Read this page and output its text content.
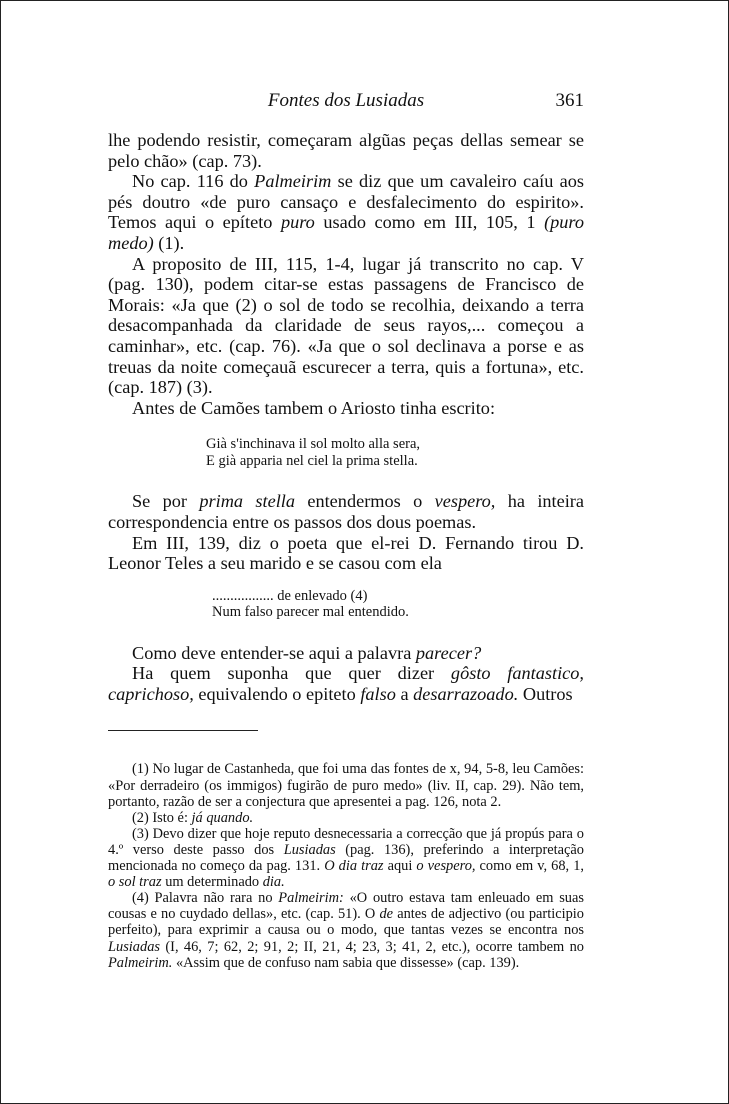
Fontes dos Lusiadas	361

lhe podendo resistir, começaram algũas peças dellas semear se pelo chão» (cap. 73).

No cap. 116 do Palmeirim se diz que um cavaleiro caíu aos pés doutro «de puro cansaço e desfalecimento do espirito». Temos aqui o epíteto puro usado como em III, 105, 1 (puro medo) (1).

A proposito de III, 115, 1-4, lugar já transcrito no cap. V (pag. 130), podem citar-se estas passagens de Francisco de Morais: «Ja que (2) o sol de todo se recolhia, deixando a terra desacompanhada da claridade de seus rayos,... começou a caminhar», etc. (cap. 76). «Ja que o sol declinava a porse e as treuas da noite começauã escurecer a terra, quis a fortuna», etc. (cap. 187) (3).

Antes de Camões tambem o Ariosto tinha escrito:

Già s'inchinava il sol molto alla sera,
E già apparia nel ciel la prima stella.

Se por prima stella entendermos o vespero, ha inteira correspondencia entre os passos dos dous poemas.

Em III, 139, diz o poeta que el-rei D. Fernando tirou D. Leonor Teles a seu marido e se casou com ela

................. de enlevado (4)
Num falso parecer mal entendido.

Como deve entender-se aqui a palavra parecer?

Ha quem suponha que quer dizer gôsto fantastico, caprichoso, equivalendo o epiteto falso a desarrazoado. Outros

(1) No lugar de Castanheda, que foi uma das fontes de x, 94, 5-8, leu Camões: «Por derradeiro (os immigos) fugirão de puro medo» (liv. II, cap. 29). Não tem, portanto, razão de ser a conjectura que apresentei a pag. 126, nota 2.

(2) Isto é: já quando.

(3) Devo dizer que hoje reputo desnecessaria a correcção que já propús para o 4.º verso deste passo dos Lusiadas (pag. 136), preferindo a interpretação mencionada no começo da pag. 131. O dia traz aqui o vespero, como em v, 68, 1, o sol traz um determinado dia.

(4) Palavra não rara no Palmeirim: «O outro estava tam enleuado em suas cousas e no cuydado dellas», etc. (cap. 51). O de antes de adjectivo (ou participio perfeito), para exprimir a causa ou o modo, que tantas vezes se encontra nos Lusiadas (I, 46, 7; 62, 2; 91, 2; II, 21, 4; 23, 3; 41, 2, etc.), ocorre tambem no Palmeirim. «Assim que de confuso nam sabia que dissesse» (cap. 139).
